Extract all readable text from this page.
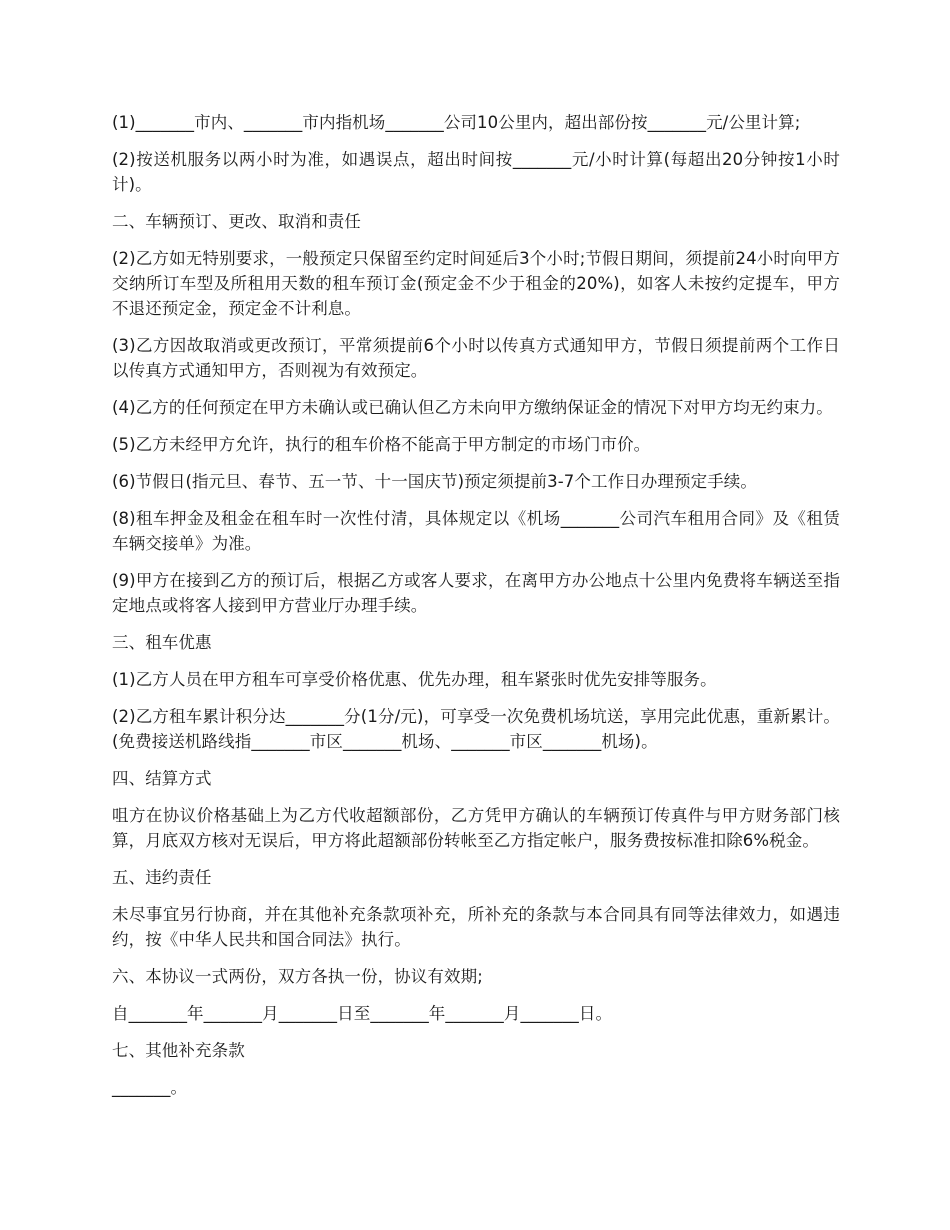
(1)_______市内、_______市内指机场_______公司10公里内，超出部份按_______元/公里计算;

(2)按送机服务以两小时为准，如遇误点，超出时间按_______元/小时计算(每超出20分钟按1小时计)。

二、车辆预订、更改、取消和责任

(2)乙方如无特别要求，一般预定只保留至约定时间延后3个小时;节假日期间，须提前24小时向甲方交纳所订车型及所租用天数的租车预订金(预定金不少于租金的20%)，如客人未按约定提车，甲方不退还预定金，预定金不计利息。

(3)乙方因故取消或更改预订，平常须提前6个小时以传真方式通知甲方，节假日须提前两个工作日以传真方式通知甲方，否则视为有效预定。

(4)乙方的任何预定在甲方未确认或已确认但乙方未向甲方缴纳保证金的情况下对甲方均无约束力。

(5)乙方未经甲方允许，执行的租车价格不能高于甲方制定的市场门市价。

(6)节假日(指元旦、春节、五一节、十一国庆节)预定须提前3-7个工作日办理预定手续。

(8)租车押金及租金在租车时一次性付清，具体规定以《机场_______公司汽车租用合同》及《租赁车辆交接单》为准。

(9)甲方在接到乙方的预订后，根据乙方或客人要求，在离甲方办公地点十公里内免费将车辆送至指定地点或将客人接到甲方营业厅办理手续。

三、租车优惠

(1)乙方人员在甲方租车可享受价格优惠、优先办理，租车紧张时优先安排等服务。

(2)乙方租车累计积分达_______分(1分/元)，可享受一次免费机场坑送，享用完此优惠，重新累计。(免费接送机路线指_______市区_______机场、_______市区_______机场)。

四、结算方式

咀方在协议价格基础上为乙方代收超额部份，乙方凭甲方确认的车辆预订传真件与甲方财务部门核算，月底双方核对无误后，甲方将此超额部份转帐至乙方指定帐户，服务费按标准扣除6%税金。

五、违约责任

未尽事宜另行协商，并在其他补充条款项补充，所补充的条款与本合同具有同等法律效力，如遇违约，按《中华人民共和国合同法》执行。

六、本协议一式两份，双方各执一份，协议有效期;

自_______年_______月_______日至_______年_______月_______日。

七、其他补充条款

_______。
